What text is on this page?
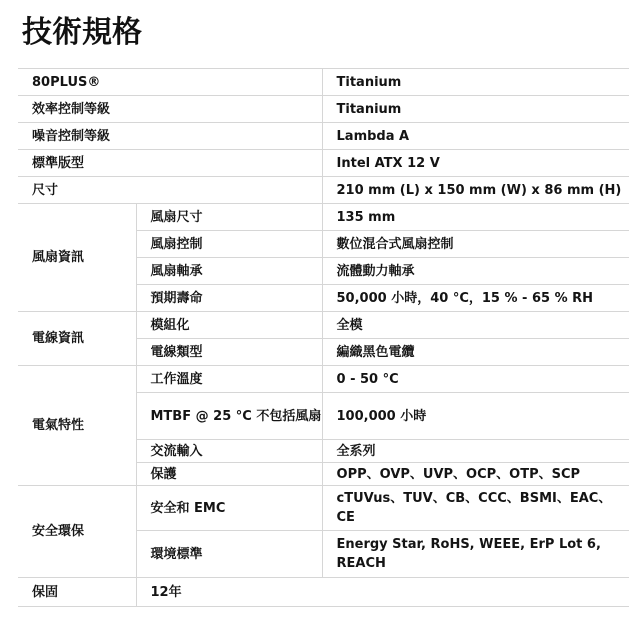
技術規格
80PLUS®		Titanium
效率控制等級		Titanium
噪音控制等級		Lambda A
標準版型		Intel ATX 12 V
尺寸		210 mm (L) x 150 mm (W) x 86 mm (H)
風扇資訊	風扇尺寸	135 mm
	風扇控制	數位混合式風扇控制
	風扇軸承	流體動力軸承
	預期壽命	50,000 小時，40 °C，15 % - 65 % RH
電線資訊	模組化	全模
	電線類型	編織黑色電纜
電氣特性	工作溫度	0 - 50 °C
	MTBF @ 25 °C 不包括風扇	100,000 小時
	交流輸入	全系列
	保護	OPP、OVP、UVP、OCP、OTP、SCP
安全環保	安全和 EMC	cTUVus、TUV、CB、CCC、BSMI、EAC、CE
	環境標準	Energy Star, RoHS, WEEE, ErP Lot 6, REACH
保固	12年	
